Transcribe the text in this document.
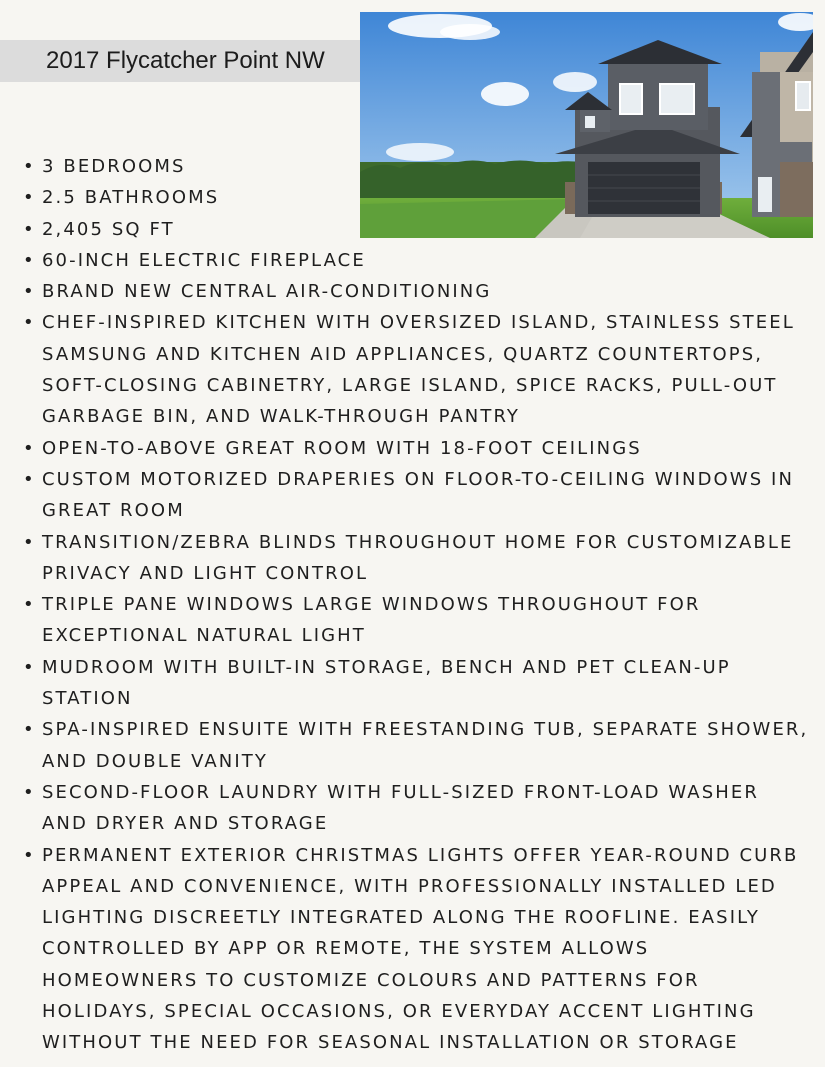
2017 Flycatcher Point NW
• 3 BEDROOMS
• 2.5 BATHROOMS
• 2,405 SQ FT
• 60-INCH ELECTRIC FIREPLACE
• BRAND NEW CENTRAL AIR-CONDITIONING
• CHEF-INSPIRED KITCHEN WITH OVERSIZED ISLAND, STAINLESS STEEL SAMSUNG AND KITCHEN AID APPLIANCES, QUARTZ COUNTERTOPS, SOFT-CLOSING CABINETRY, LARGE ISLAND, SPICE RACKS, PULL-OUT GARBAGE BIN, AND WALK-THROUGH PANTRY
• OPEN-TO-ABOVE GREAT ROOM WITH 18-FOOT CEILINGS
• CUSTOM MOTORIZED DRAPERIES ON FLOOR-TO-CEILING WINDOWS IN GREAT ROOM
• TRANSITION/ZEBRA BLINDS THROUGHOUT HOME FOR CUSTOMIZABLE PRIVACY AND LIGHT CONTROL
• TRIPLE PANE WINDOWS LARGE WINDOWS THROUGHOUT FOR EXCEPTIONAL NATURAL LIGHT
• MUDROOM WITH BUILT-IN STORAGE, BENCH AND PET CLEAN-UP STATION
• SPA-INSPIRED ENSUITE WITH FREESTANDING TUB, SEPARATE SHOWER, AND DOUBLE VANITY
• SECOND-FLOOR LAUNDRY WITH FULL-SIZED FRONT-LOAD WASHER AND DRYER AND STORAGE
• PERMANENT EXTERIOR CHRISTMAS LIGHTS OFFER YEAR-ROUND CURB APPEAL AND CONVENIENCE, WITH PROFESSIONALLY INSTALLED LED LIGHTING DISCREETLY INTEGRATED ALONG THE ROOFLINE. EASILY CONTROLLED BY APP OR REMOTE, THE SYSTEM ALLOWS HOMEOWNERS TO CUSTOMIZE COLOURS AND PATTERNS FOR HOLIDAYS, SPECIAL OCCASIONS, OR EVERYDAY ACCENT LIGHTING WITHOUT THE NEED FOR SEASONAL INSTALLATION OR STORAGE
